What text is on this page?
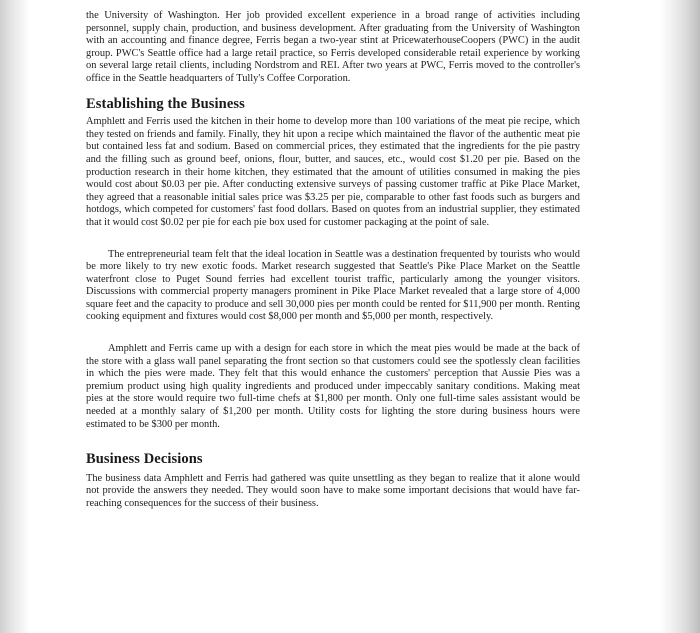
the University of Washington. Her job provided excellent experience in a broad range of activities including personnel, supply chain, production, and business development. After graduating from the University of Washington with an accounting and finance degree, Ferris began a two-year stint at PricewaterhouseCoopers (PWC) in the audit group. PWC's Seattle office had a large retail practice, so Ferris developed considerable retail experience by working on several large retail clients, including Nordstrom and REI. After two years at PWC, Ferris moved to the controller's office in the Seattle headquarters of Tully's Coffee Corporation.

Establishing the Business

Amphlett and Ferris used the kitchen in their home to develop more than 100 variations of the meat pie recipe, which they tested on friends and family. Finally, they hit upon a recipe which maintained the flavor of the authentic meat pie but contained less fat and sodium. Based on commercial prices, they estimated that the ingredients for the pie pastry and the filling such as ground beef, onions, flour, butter, and sauces, etc., would cost $1.20 per pie. Based on the production research in their home kitchen, they estimated that the amount of utilities consumed in making the pies would cost about $0.03 per pie. After conducting extensive surveys of passing customer traffic at Pike Place Market, they agreed that a reasonable initial sales price was $3.25 per pie, comparable to other fast foods such as burgers and hotdogs, which competed for customers' fast food dollars. Based on quotes from an industrial supplier, they estimated that it would cost $0.02 per pie for each pie box used for customer packaging at the point of sale.

The entrepreneurial team felt that the ideal location in Seattle was a destination frequented by tourists who would be more likely to try new exotic foods. Market research suggested that Seattle's Pike Place Market on the Seattle waterfront close to Puget Sound ferries had excellent tourist traffic, particularly among the younger visitors. Discussions with commercial property managers prominent in Pike Place Market revealed that a large store of 4,000 square feet and the capacity to produce and sell 30,000 pies per month could be rented for $11,900 per month. Renting cooking equipment and fixtures would cost $8,000 per month and $5,000 per month, respectively.

Amphlett and Ferris came up with a design for each store in which the meat pies would be made at the back of the store with a glass wall panel separating the front section so that customers could see the spotlessly clean facilities in which the pies were made. They felt that this would enhance the customers' perception that Aussie Pies was a premium product using high quality ingredients and produced under impeccably sanitary conditions. Making meat pies at the store would require two full-time chefs at $1,800 per month. Only one full-time sales assistant would be needed at a monthly salary of $1,200 per month. Utility costs for lighting the store during business hours were estimated to be $300 per month.

Business Decisions

The business data Amphlett and Ferris had gathered was quite unsettling as they began to realize that it alone would not provide the answers they needed. They would soon have to make some important decisions that would have far-reaching consequences for the success of their business.
